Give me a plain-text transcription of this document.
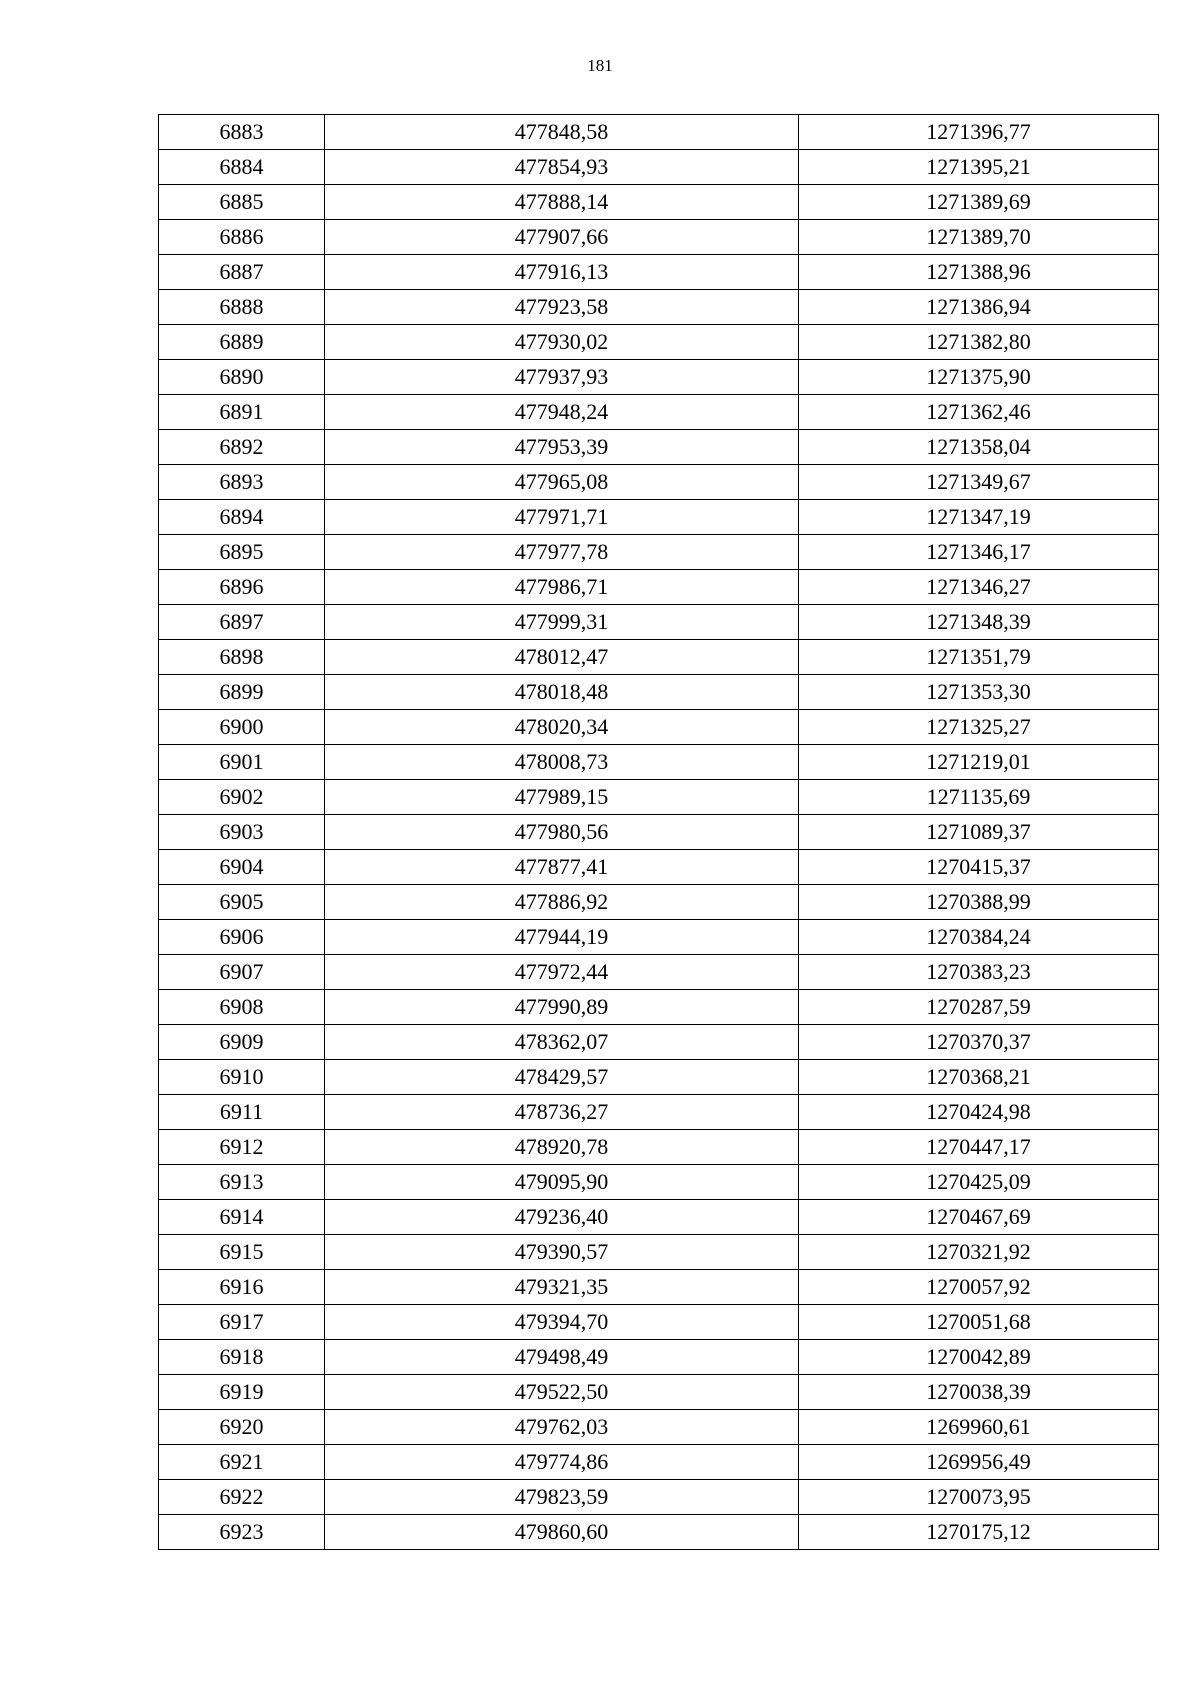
181
6883	477848,58	1271396,77
6884	477854,93	1271395,21
6885	477888,14	1271389,69
6886	477907,66	1271389,70
6887	477916,13	1271388,96
6888	477923,58	1271386,94
6889	477930,02	1271382,80
6890	477937,93	1271375,90
6891	477948,24	1271362,46
6892	477953,39	1271358,04
6893	477965,08	1271349,67
6894	477971,71	1271347,19
6895	477977,78	1271346,17
6896	477986,71	1271346,27
6897	477999,31	1271348,39
6898	478012,47	1271351,79
6899	478018,48	1271353,30
6900	478020,34	1271325,27
6901	478008,73	1271219,01
6902	477989,15	1271135,69
6903	477980,56	1271089,37
6904	477877,41	1270415,37
6905	477886,92	1270388,99
6906	477944,19	1270384,24
6907	477972,44	1270383,23
6908	477990,89	1270287,59
6909	478362,07	1270370,37
6910	478429,57	1270368,21
6911	478736,27	1270424,98
6912	478920,78	1270447,17
6913	479095,90	1270425,09
6914	479236,40	1270467,69
6915	479390,57	1270321,92
6916	479321,35	1270057,92
6917	479394,70	1270051,68
6918	479498,49	1270042,89
6919	479522,50	1270038,39
6920	479762,03	1269960,61
6921	479774,86	1269956,49
6922	479823,59	1270073,95
6923	479860,60	1270175,12
